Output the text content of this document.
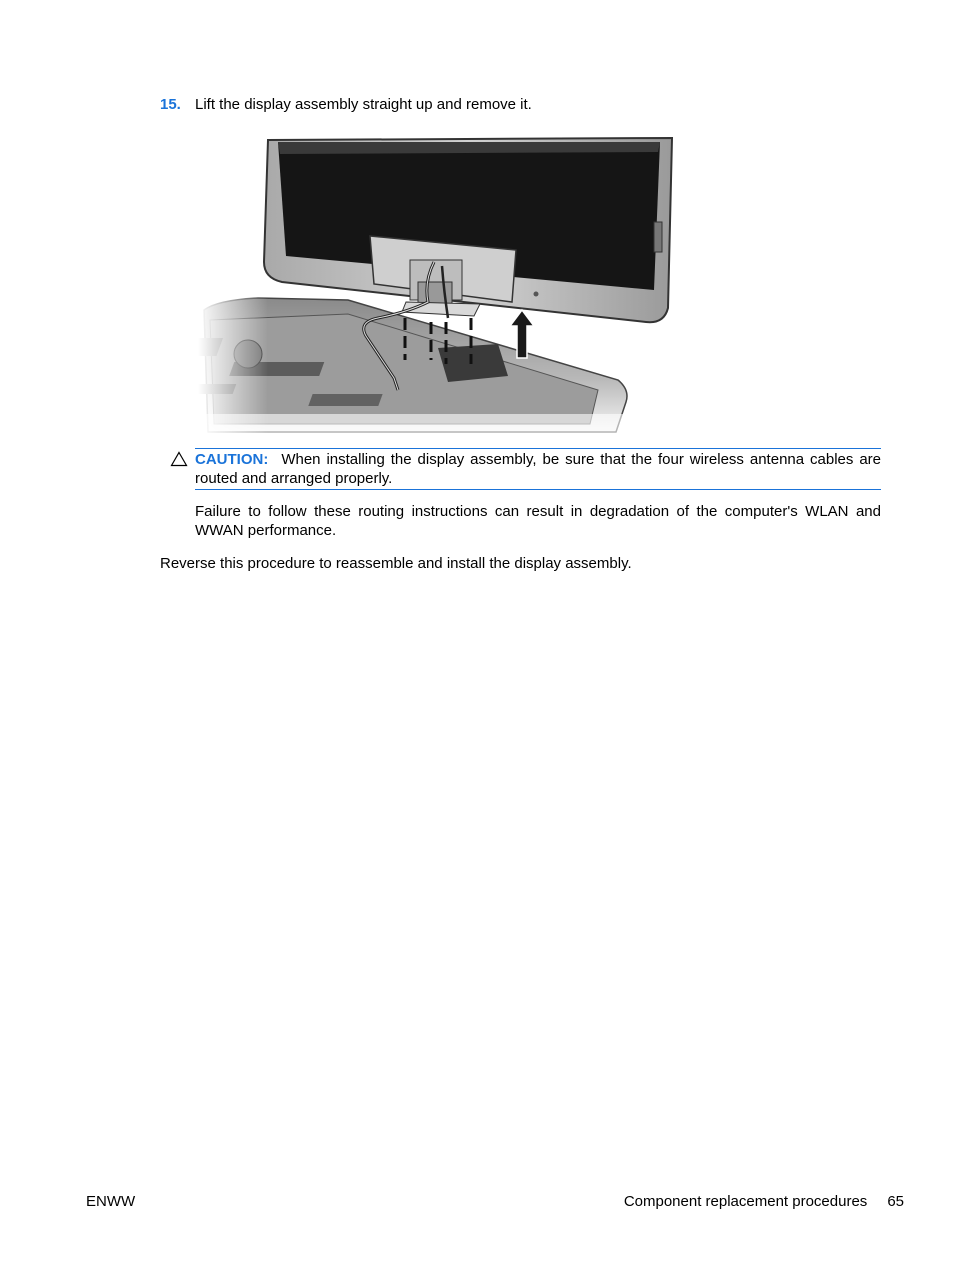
15. Lift the display assembly straight up and remove it.

CAUTION: When installing the display assembly, be sure that the four wireless antenna cables are routed and arranged properly.

Failure to follow these routing instructions can result in degradation of the computer's WLAN and WWAN performance.

Reverse this procedure to reassemble and install the display assembly.

ENWW	Component replacement procedures 65
